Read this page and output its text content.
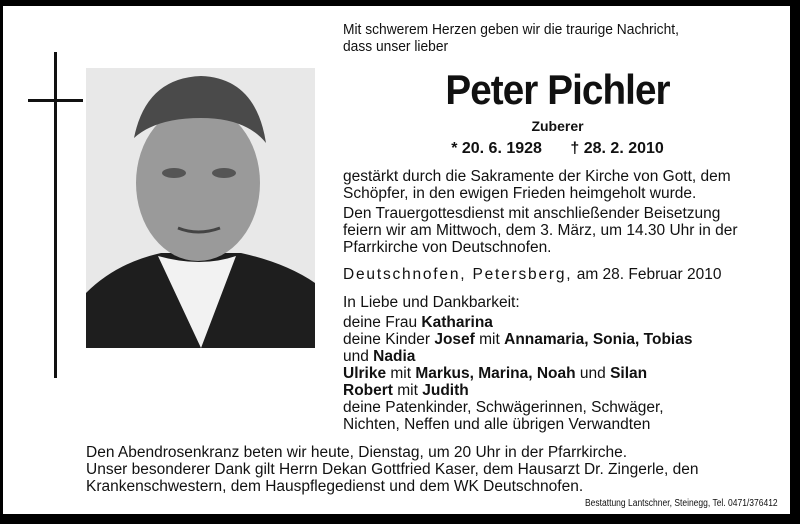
Mit schwerem Herzen geben wir die traurige Nachricht,
dass unser lieber
Peter Pichler
Zuberer
* 20. 6. 1928 † 28. 2. 2010
gestärkt durch die Sakramente der Kirche von Gott, dem
Schöpfer, in den ewigen Frieden heimgeholt wurde.
Den Trauergottesdienst mit anschließender Beisetzung
feiern wir am Mittwoch, dem 3. März, um 14.30 Uhr in der
Pfarrkirche von Deutschnofen.
Deutschnofen, Petersberg, am 28. Februar 2010
In Liebe und Dankbarkeit:
deine Frau Katharina
deine Kinder Josef mit Annamaria, Sonia, Tobias
und Nadia
Ulrike mit Markus, Marina, Noah und Silan
Robert mit Judith
deine Patenkinder, Schwägerinnen, Schwäger,
Nichten, Neffen und alle übrigen Verwandten
Den Abendrosenkranz beten wir heute, Dienstag, um 20 Uhr in der Pfarrkirche.
Unser besonderer Dank gilt Herrn Dekan Gottfried Kaser, dem Hausarzt Dr. Zingerle, den
Krankenschwestern, dem Hauspflegedienst und dem WK Deutschnofen.
Bestattung Lantschner, Steinegg, Tel. 0471/376412
